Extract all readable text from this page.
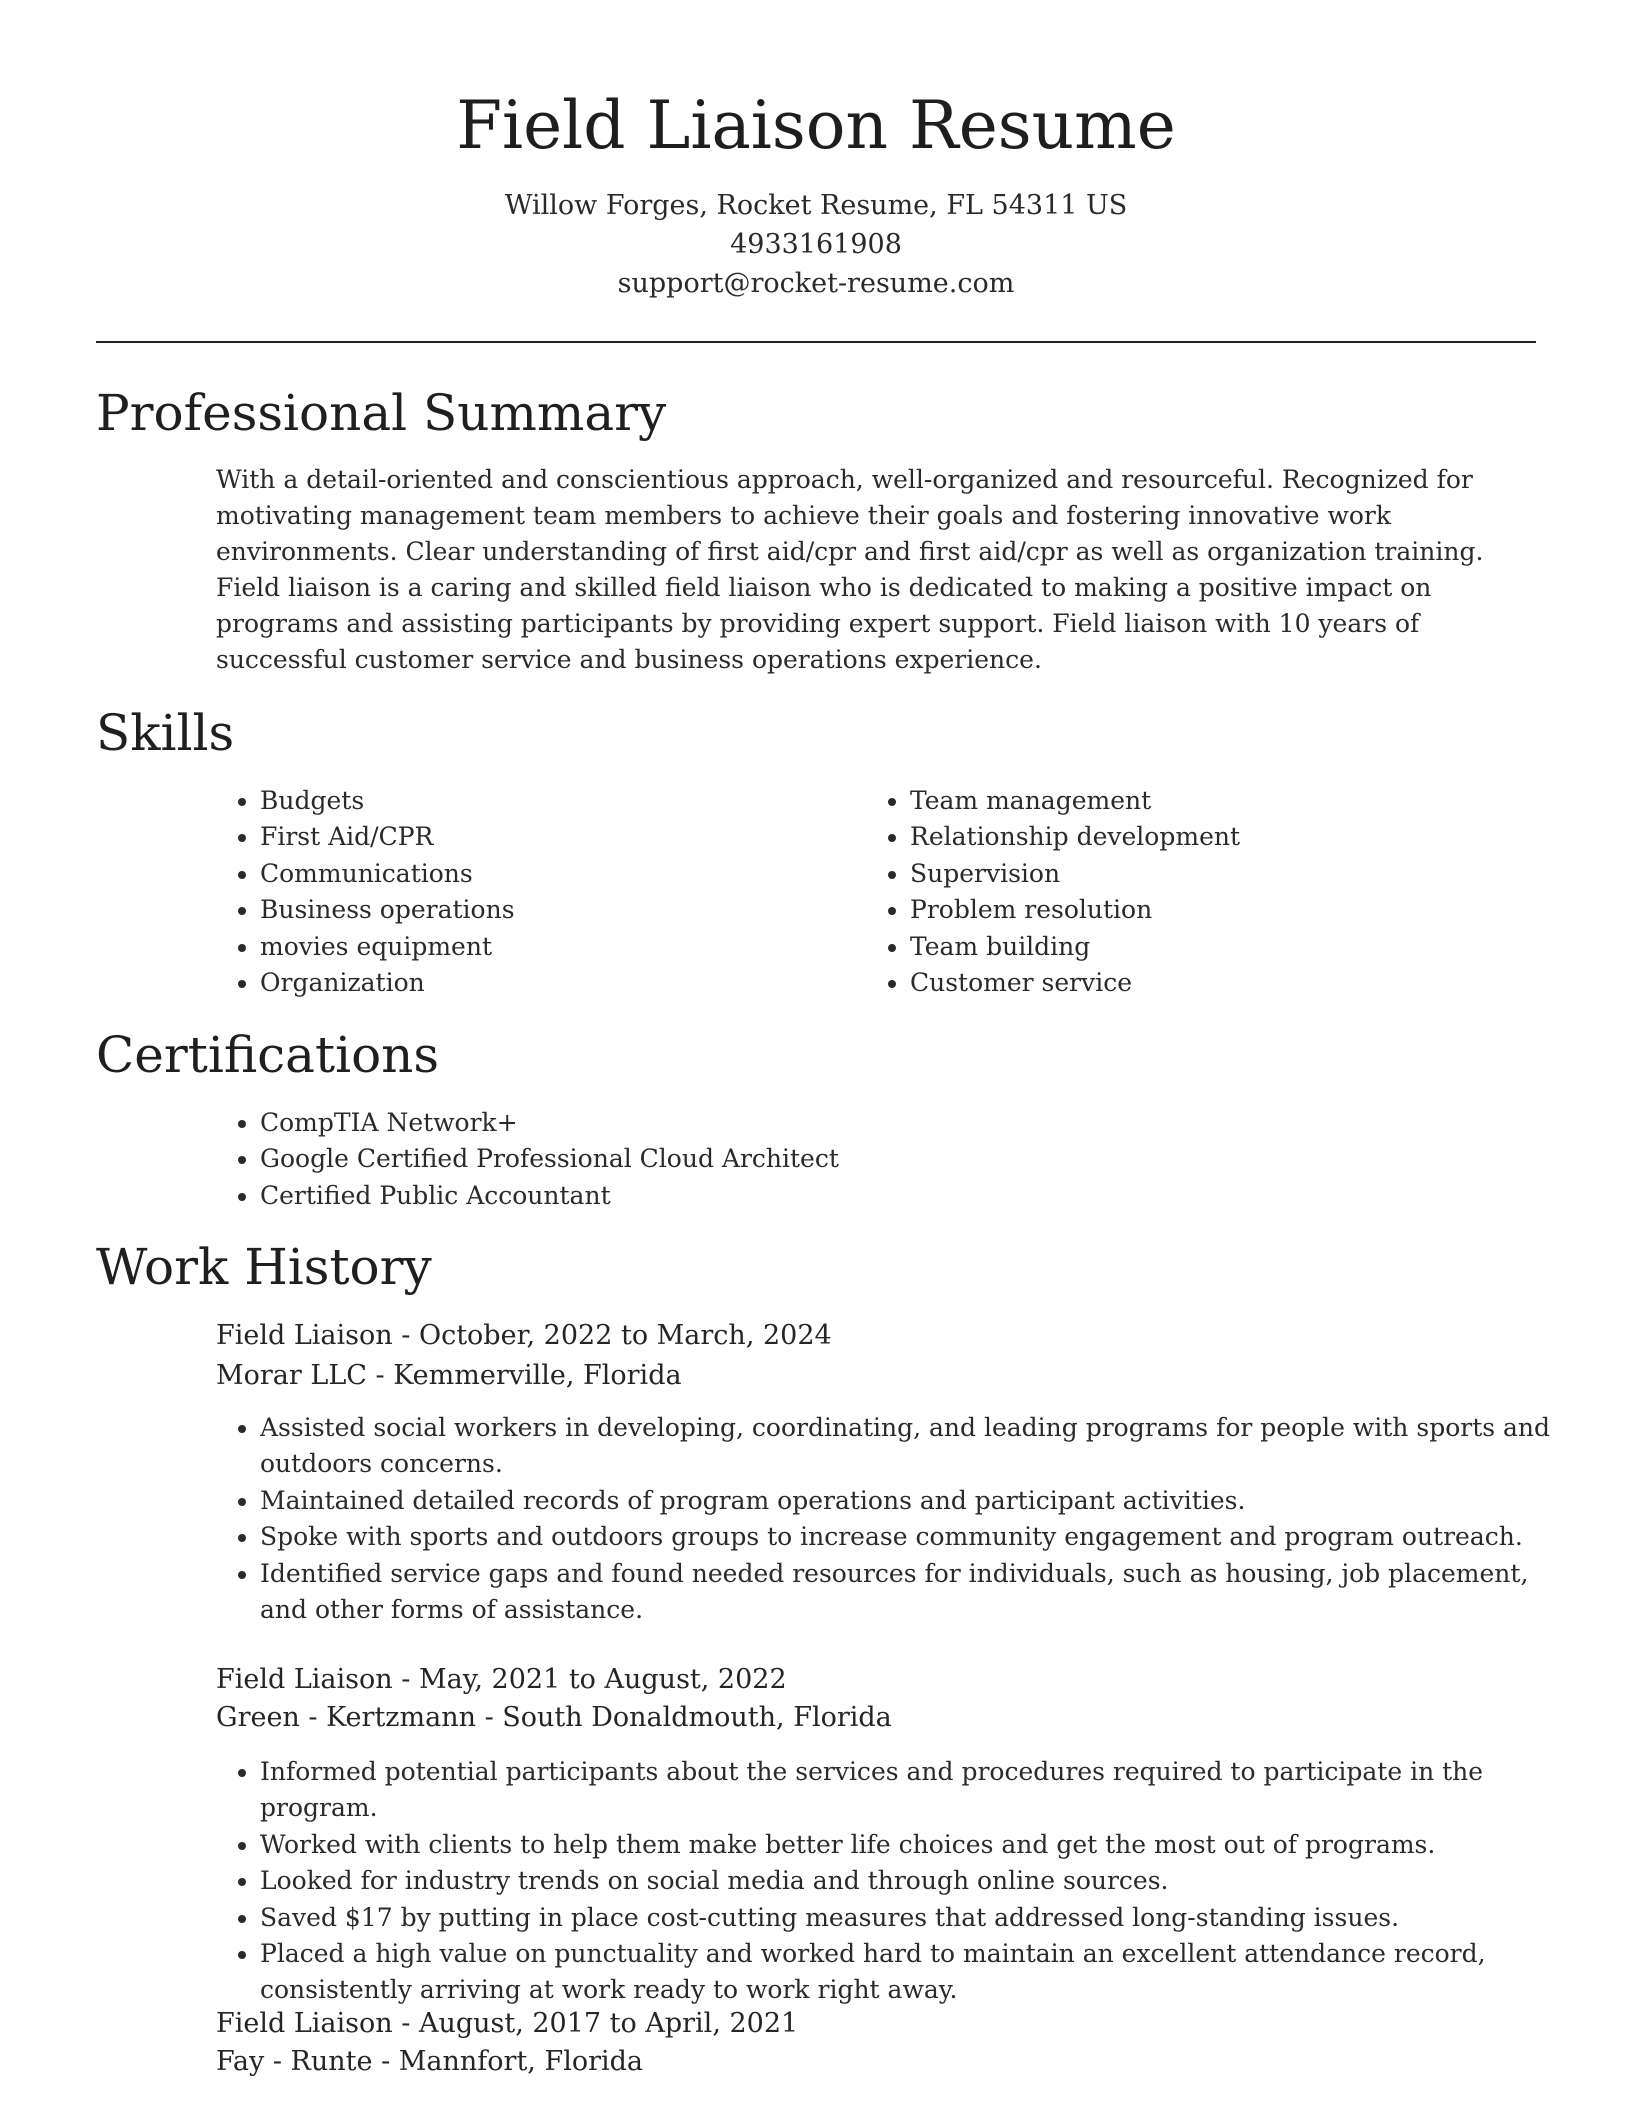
Field Liaison Resume
Willow Forges, Rocket Resume, FL 54311 US
4933161908
support@rocket-resume.com
Professional Summary

With a detail-oriented and conscientious approach, well-organized and resourceful. Recognized for motivating management team members to achieve their goals and fostering innovative work environments. Clear understanding of first aid/cpr and first aid/cpr as well as organization training. Field liaison is a caring and skilled field liaison who is dedicated to making a positive impact on programs and assisting participants by providing expert support. Field liaison with 10 years of successful customer service and business operations experience.

Skills
• Budgets
• First Aid/CPR
• Communications
• Business operations
• movies equipment
• Organization
• Team management
• Relationship development
• Supervision
• Problem resolution
• Team building
• Customer service
Certifications
• CompTIA Network+
• Google Certified Professional Cloud Architect
• Certified Public Accountant
Work History
Field Liaison - October, 2022 to March, 2024
Morar LLC - Kemmerville, Florida
• Assisted social workers in developing, coordinating, and leading programs for people with sports and outdoors concerns.
• Maintained detailed records of program operations and participant activities.
• Spoke with sports and outdoors groups to increase community engagement and program outreach.
• Identified service gaps and found needed resources for individuals, such as housing, job placement, and other forms of assistance.
Field Liaison - May, 2021 to August, 2022
Green - Kertzmann - South Donaldmouth, Florida
• Informed potential participants about the services and procedures required to participate in the program.
• Worked with clients to help them make better life choices and get the most out of programs.
• Looked for industry trends on social media and through online sources.
• Saved $17 by putting in place cost-cutting measures that addressed long-standing issues.
• Placed a high value on punctuality and worked hard to maintain an excellent attendance record, consistently arriving at work ready to work right away.
Field Liaison - August, 2017 to April, 2021
Fay - Runte - Mannfort, Florida
